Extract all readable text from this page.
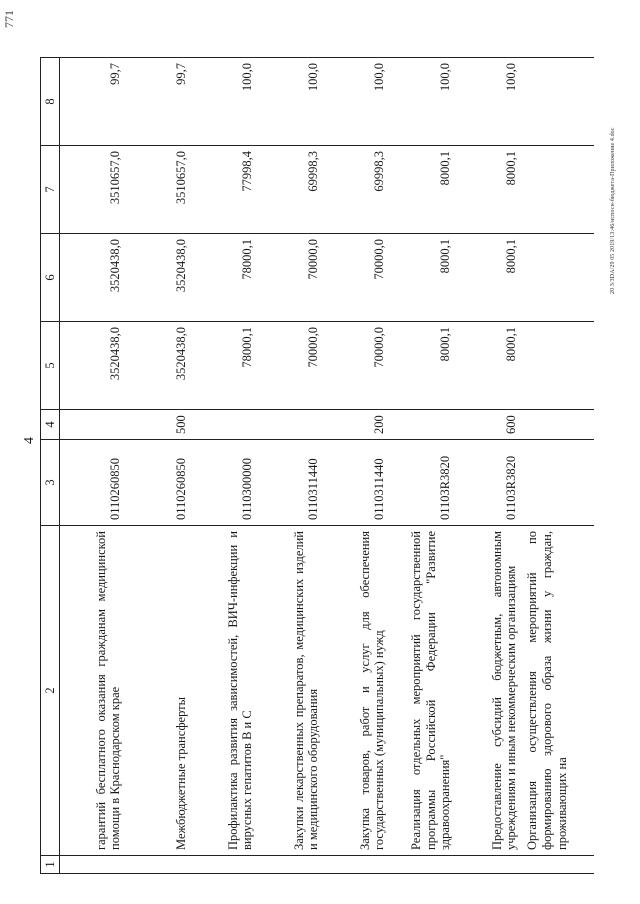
4
771
1	2	3	4	5	6	7	8
	гарантий бесплатного оказания гражданам медицинской помощи в Краснодарском крае	0110260850		3520438,0	3520438,0	3510657,0	99,7
	Межбюджетные трансферты	0110260850	500	3520438,0	3520438,0	3510657,0	99,7
	Профилактика развития зависимостей, ВИЧ-инфекции и вирусных гепатитов В и С	0110300000		78000,1	78000,1	77998,4	100,0
	Закупки лекарственных препаратов, медицинских изделий и медицинского оборудования	0110311440		70000,0	70000,0	69998,3	100,0
	Закупка товаров, работ и услуг для обеспечения государственных (муниципальных) нужд	0110311440	200	70000,0	70000,0	69998,3	100,0
	Реализация отдельных мероприятий государственной программы Российской Федерации "Развитие здравоохранения"	01103R3820		8000,1	8000,1	8000,1	100,0
	Предоставление субсидий бюджетным, автономным учреждениям и иным некоммерческим организациям	01103R3820	600	8000,1	8000,1	8000,1	100,0
	Организация осуществления мероприятий по формированию здорового образа жизни у граждан, проживающих на						
20 3/3DA/29 05 2019/13:46/испосн-бюджета-Приложение 4.doc
